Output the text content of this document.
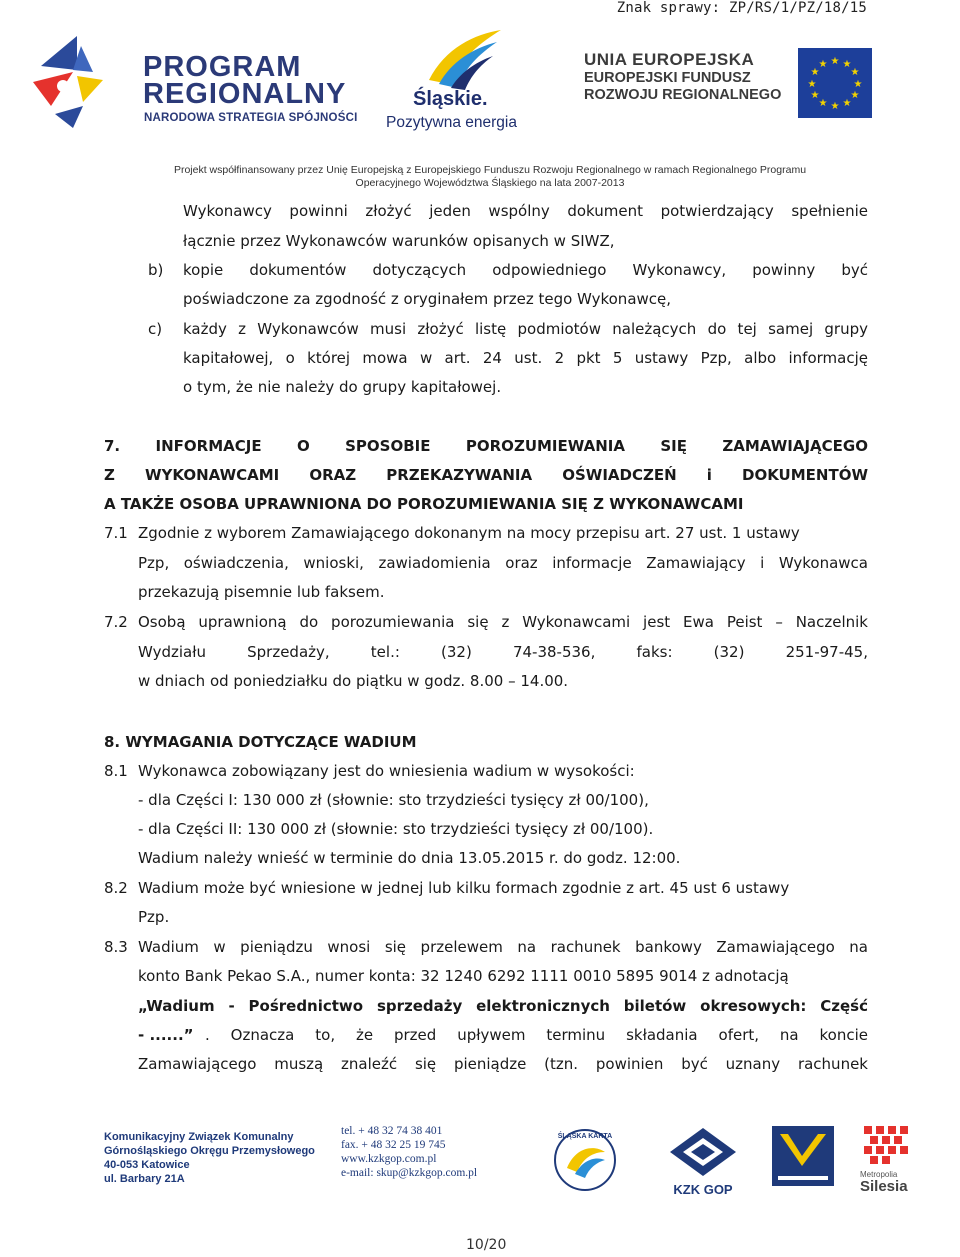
Znak sprawy: ZP/RS/1/PZ/18/15
PROGRAM
REGIONALNY
NARODOWA STRATEGIA SPÓJNOŚCI
Śląskie.
Pozytywna energia
UNIA EUROPEJSKA
EUROPEJSKI FUNDUSZ
ROZWOJU REGIONALNEGO
★ ★
★
★
★
★
★
★
★
★
★
★
Projekt współfinansowany przez Unię Europejską z Europejskiego Funduszu Rozwoju Regionalnego w ramach Regionalnego Programu
Operacyjnego Województwa Śląskiego na lata 2007-2013
Wykonawcy powinni złożyć jeden wspólny dokument potwierdzający spełnienie
łącznie przez Wykonawców warunków opisanych w SIWZ,
b) kopie dokumentów dotyczących odpowiedniego Wykonawcy, powinny być
poświadczone za zgodność z oryginałem przez tego Wykonawcę,
c) każdy z Wykonawców musi złożyć listę podmiotów należących do tej samej grupy
kapitałowej, o której mowa w art. 24 ust. 2 pkt 5 ustawy Pzp, albo informację
o tym, że nie należy do grupy kapitałowej.
7. INFORMACJE O SPOSOBIE POROZUMIEWANIA SIĘ ZAMAWIAJĄCEGO
Z WYKONAWCAMI ORAZ PRZEKAZYWANIA OŚWIADCZEŃ i DOKUMENTÓW
A TAKŻE OSOBA UPRAWNIONA DO POROZUMIEWANIA SIĘ Z WYKONAWCAMI
7.1 Zgodnie z wyborem Zamawiającego dokonanym na mocy przepisu art. 27 ust. 1 ustawy
Pzp, oświadczenia, wnioski, zawiadomienia oraz informacje Zamawiający i Wykonawca
przekazują pisemnie lub faksem.
7.2 Osobą uprawnioną do porozumiewania się z Wykonawcami jest Ewa Peist – Naczelnik
Wydziału Sprzedaży, tel.: (32) 74-38-536, faks: (32) 251-97-45,
w dniach od poniedziałku do piątku w godz. 8.00 – 14.00.
8. WYMAGANIA DOTYCZĄCE WADIUM
8.1 Wykonawca zobowiązany jest do wniesienia wadium w wysokości:
- dla Części I: 130 000 zł (słownie: sto trzydzieści tysięcy zł 00/100),
- dla Części II: 130 000 zł (słownie: sto trzydzieści tysięcy zł 00/100).
Wadium należy wnieść w terminie do dnia 13.05.2015 r. do godz. 12:00.
8.2 Wadium może być wniesione w jednej lub kilku formach zgodnie z art. 45 ust 6 ustawy
Pzp.
8.3 Wadium w pieniądzu wnosi się przelewem na rachunek bankowy Zamawiającego na
konto Bank Pekao S.A., numer konta: 32 1240 6292 1111 0010 5895 9014 z adnotacją
„Wadium - Pośrednictwo sprzedaży elektronicznych biletów okresowych: Część
- ......” . Oznacza to, że przed upływem terminu składania ofert, na koncie
Zamawiającego muszą znaleźć się pieniądze (tzn. powinien być uznany rachunek
Komunikacyjny Związek Komunalny
Górnośląskiego Okręgu Przemysłowego
40-053 Katowice
ul. Barbary 21A
tel. + 48 32 74 38 401
fax. + 48 32 25 19 745
www.kzkgop.com.pl
e-mail: skup@kzkgop.com.pl
ŚLĄSKA KARTA
KZK GOP
Metropolia
Silesia
10/20
